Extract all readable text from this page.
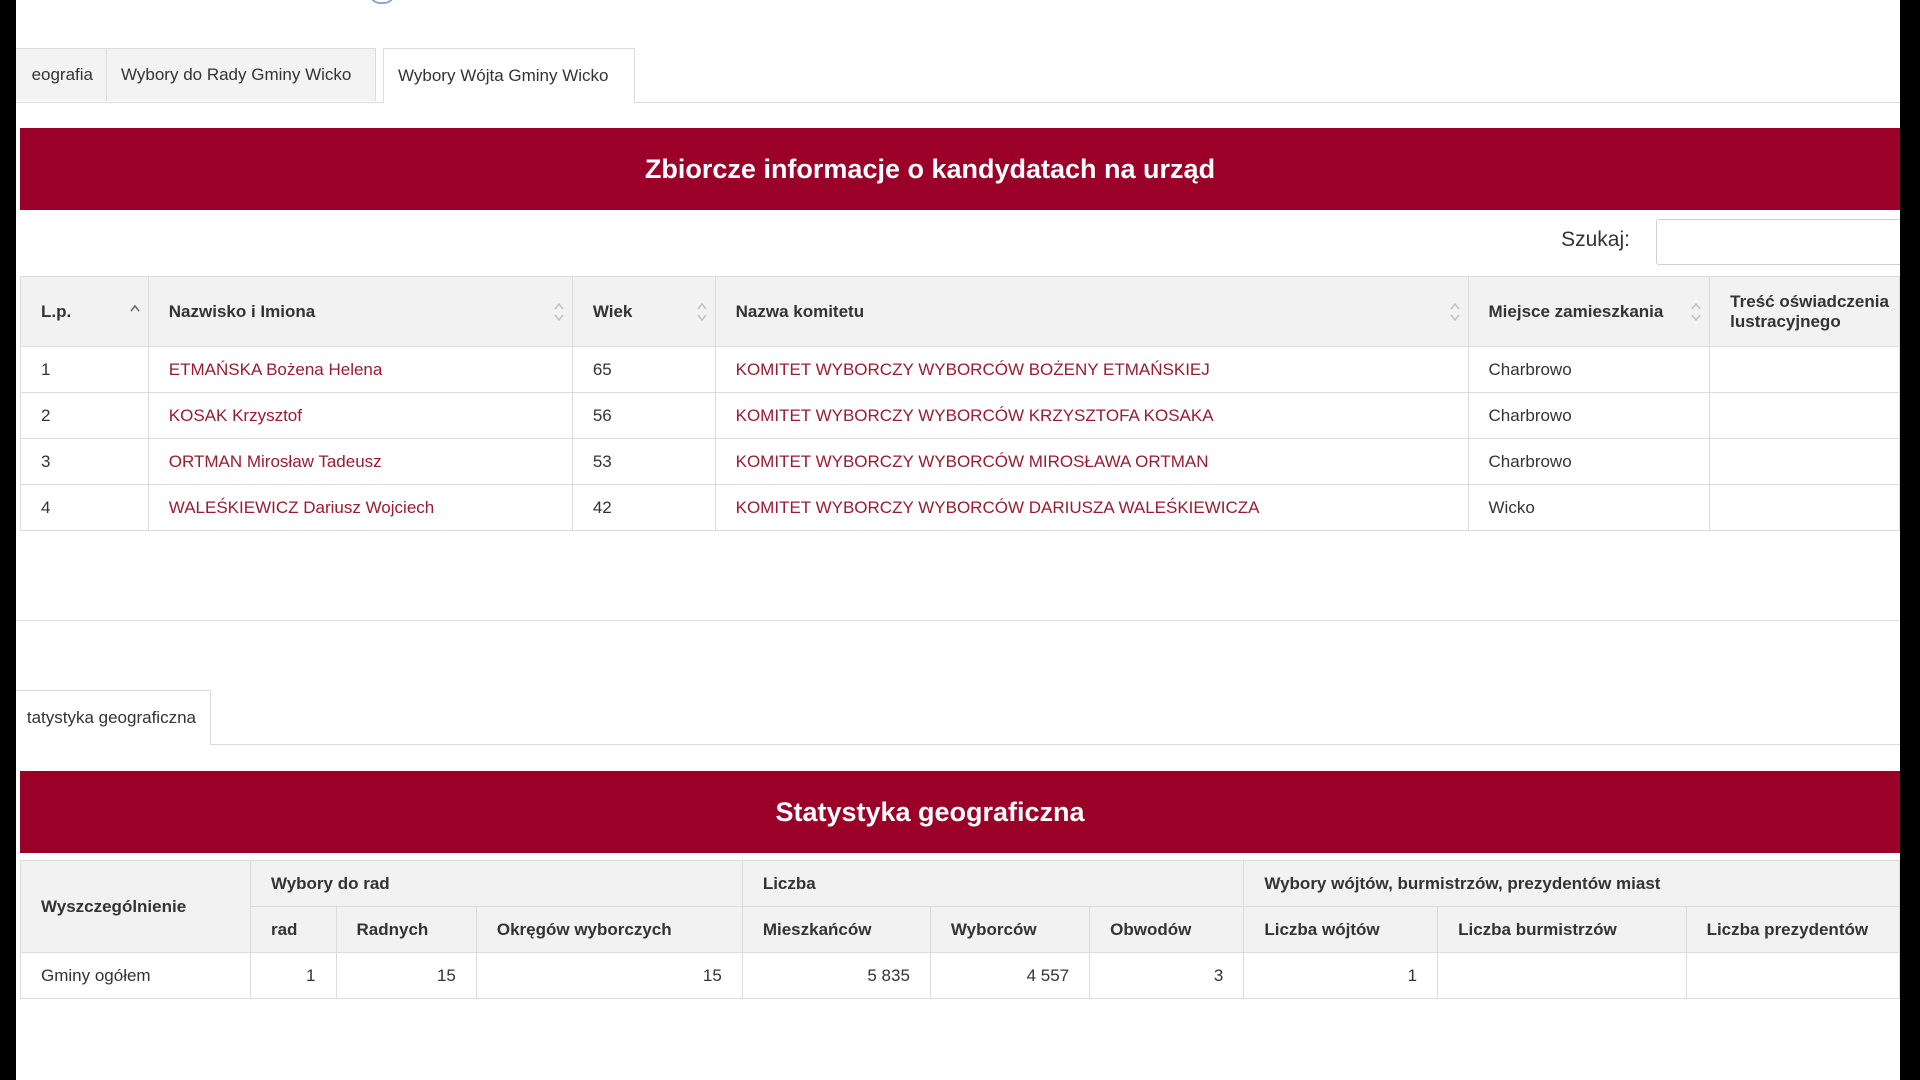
eografia Wybory do Rady Gminy Wicko	Wybory Wójta Gminy Wicko
Zbiorcze informacje o kandydatach na urząd
Szukaj:
L.p.	Nazwisko i Imiona	Wiek	Nazwa komitetu	Miejsce zamieszkania	Treść oświadczenia lustracyjnego
1	ETMAŃSKA Bożena Helena	65	KOMITET WYBORCZY WYBORCÓW BOŻENY ETMAŃSKIEJ	Charbrowo	
2	KOSAK Krzysztof	56	KOMITET WYBORCZY WYBORCÓW KRZYSZTOFA KOSAKA	Charbrowo	
3	ORTMAN Mirosław Tadeusz	53	KOMITET WYBORCZY WYBORCÓW MIROSŁAWA ORTMAN	Charbrowo	
4	WALEŚKIEWICZ Dariusz Wojciech	42	KOMITET WYBORCZY WYBORCÓW DARIUSZA WALEŚKIEWICZA	Wicko	
tatystyka geograficzna
Statystyka geograficzna
Wyszczególnienie	Wybory do rad			Liczba			Wybory wójtów, burmistrzów, prezydentów miast		
	rad	Radnych	Okręgów wyborczych	Mieszkańców	Wyborców	Obwodów	Liczba wójtów	Liczba burmistrzów	Liczba prezydentów
Gminy ogółem	1	15	15	5 835	4 557	3	1		
